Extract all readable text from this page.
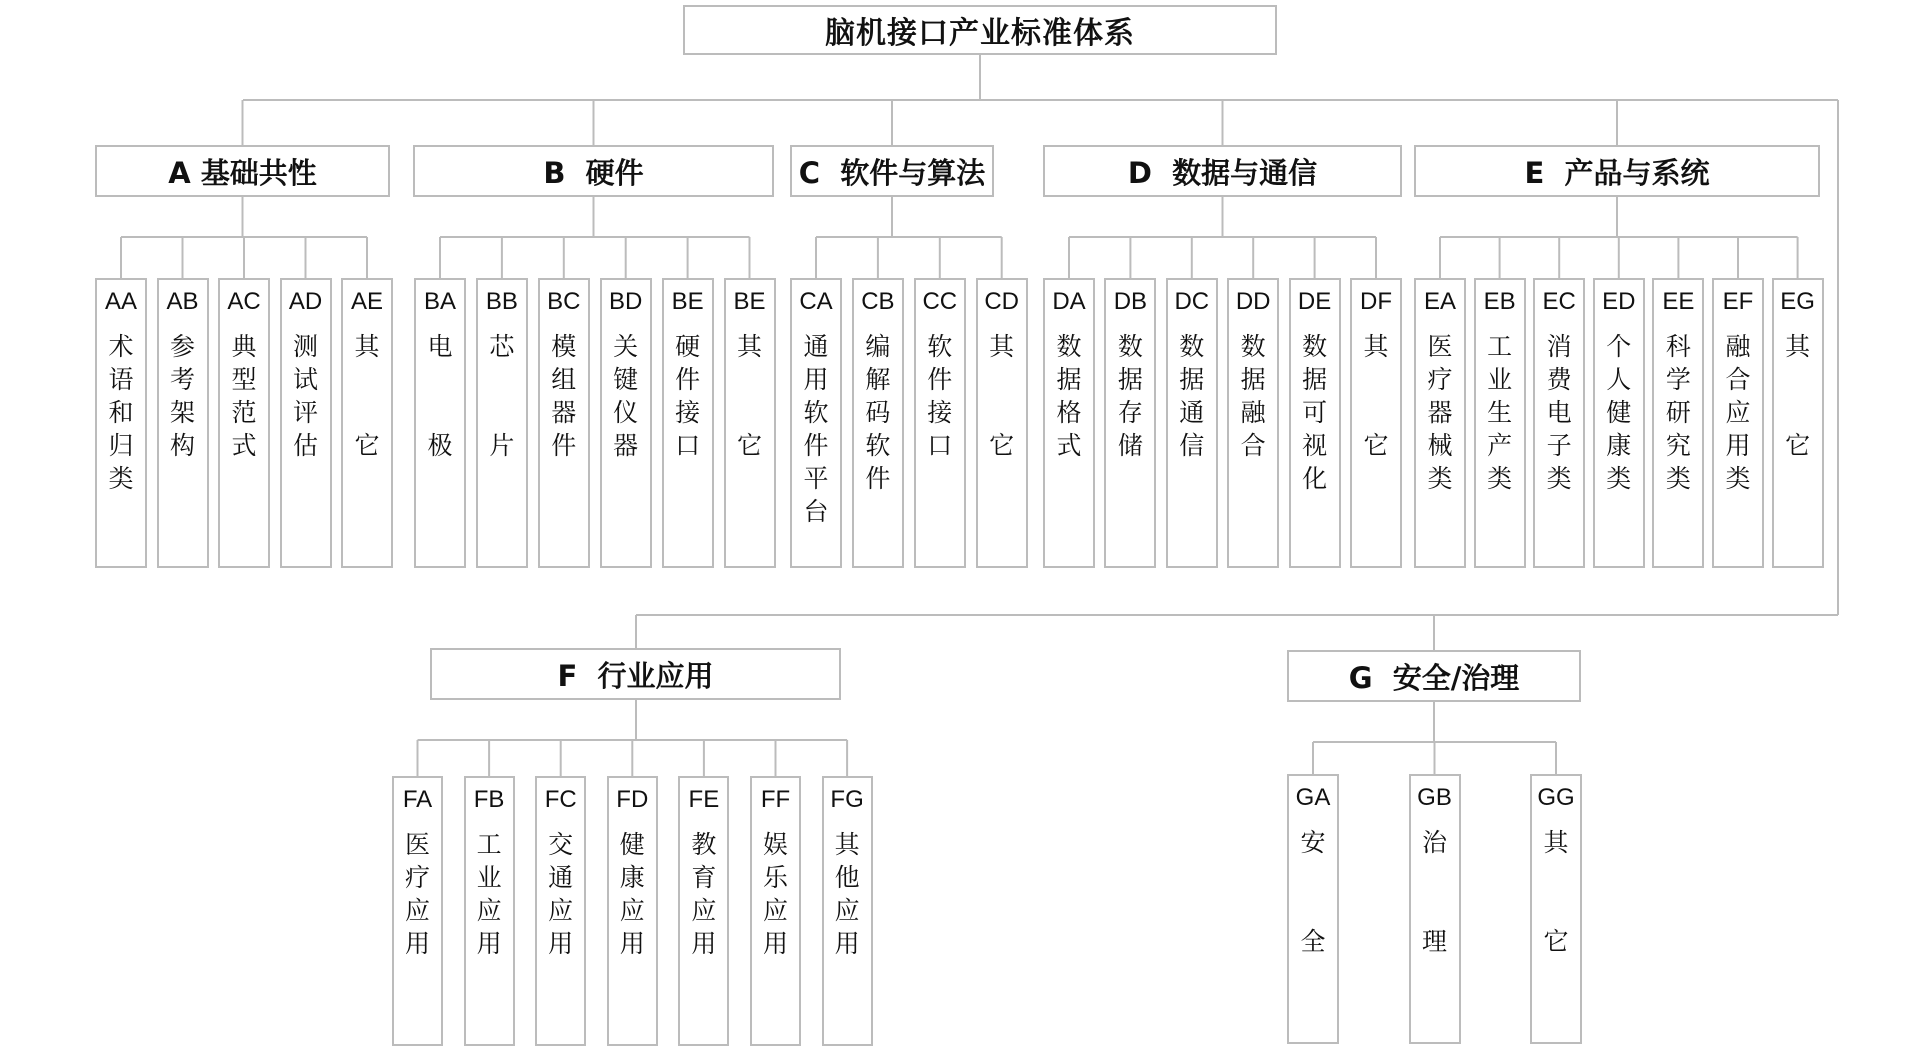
脑机接口产业标准体系
A 基础共性
AA
术
语
和
归
类
AB
参
考
架
构
AC
典
型
范
式
AD
测
试
评
估
AE
其

它
B  硬件
BA
电

极
BB
芯

片
BC
模
组
器
件
BD
关
键
仪
器
BE
硬
件
接
口
BE
其

它
C  软件与算法
CA
通
用
软
件
平
台
CB
编
解
码
软
件
CC
软
件
接
口
CD
其

它
D  数据与通信
DA
数
据
格
式
DB
数
据
存
储
DC
数
据
通
信
DD
数
据
融
合
DE
数
据
可
视
化
DF
其

它
E  产品与系统
EA
医
疗
器
械
类
EB
工
业
生
产
类
EC
消
费
电
子
类
ED
个
人
健
康
类
EE
科
学
研
究
类
EF
融
合
应
用
类
EG
其

它
F  行业应用
FA
医
疗
应
用
FB
工
业
应
用
FC
交
通
应
用
FD
健
康
应
用
FE
教
育
应
用
FF
娱
乐
应
用
FG
其
他
应
用
G  安全/治理
GA
安

全
GB
治

理
GG
其

它
